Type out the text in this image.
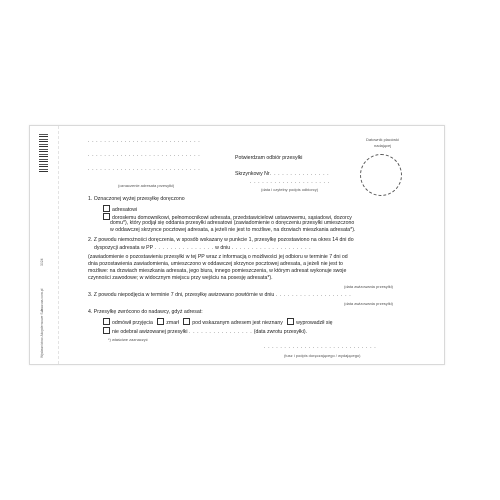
Wydawnictwo Akcydensowe S.A.
www.wa.com.pl
3024
. . . . . . . . . . . . . . . . . . . . . . . . . . . .
. . . . . . . . . . . . . . . . . . . . . . . . . . . .
. . . . . . . . . . . . . . . . . . . . . . . . . . . .
(oznaczenie adresata przesyłki)
Potwierdzam odbiór przesyłki
Skrzynkowy Nr . . . . . . . . . . . . . . .
Datownik placówki
nadającej
. . . . . . . . . . . . . . . . . . . .
(data i czytelny podpis odbiorcy)
1. Oznaczonej wyżej przesyłkę doręczono
adresatowi
dorosłemu domownikowi, pełnomocnikowi adresata, przedstawicielowi ustawowemu, sąsiadowi, dozorcy
domu*), który podjął się oddania przesyłki adresatowi (zawiadomienie o doręczeniu przesyłki umieszczono
w oddawczej skrzynce pocztowej adresata, a jeżeli nie jest to możliwe, na drzwiach mieszkania adresata*).
2. Z powodu niemożności doręczenia, w sposób wskazany w punkcie 1, przesyłkę pozostawiono na okres 14 dni do
dyspozycji adresata w PP . . . . . . . . . . . . . . . w dniu . . . . . . . . . . . . . . . . . . . .
(zawiadomienie o pozostawieniu przesyłki w tej PP wraz z informacją o możliwości jej odbioru w terminie 7 dni od
dnia pozostawienia zawiadomienia, umieszczono w oddawczej skrzynce pocztowej adresata, a jeżeli nie jest to
możliwe: na drzwiach mieszkania adresata, jego biura, innego pomieszczenia, w którym adresat wykonuje swoje
czynności zawodowe; w widocznym miejscu przy wejściu na posesję adresata*).
(data awizowania przesyłki)
3. Z powodu niepodjęcia w terminie 7 dni, przesyłkę awizowano powtórnie w dniu . . . . . . . . . . . . . . . . . . .
(data awizowania przesyłki)
4. Przesyłkę zwrócono do nadawcy, gdyż adresat:
odmówił przyjęcia	zmarł	pod wskazanym adresem jest nieznany	wyprowadził się
nie odebrał awizowanej przesyłki . . . . . . . . . . . . . . . . (data zwrotu przesyłki).
*) właściwe zaznaczyć
. . . . . . . . . . . . . . . . . . . . . . . . . . . .
(tusz i podpis doręczającego / wydającego)
